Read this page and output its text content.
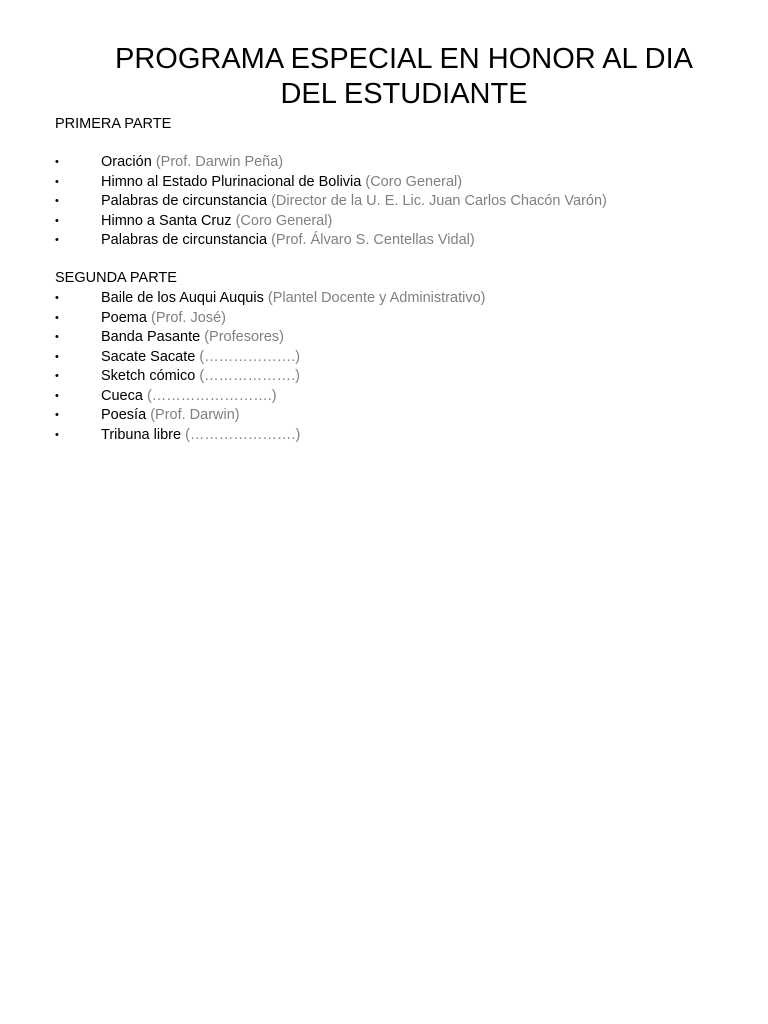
PROGRAMA ESPECIAL EN HONOR AL DIA
DEL ESTUDIANTE
PRIMERA PARTE
•	Oración (Prof. Darwin Peña)
•	Himno al Estado Plurinacional de Bolivia (Coro General)
•	Palabras de circunstancia (Director de la U. E. Lic. Juan Carlos Chacón Varón)
•	Himno a Santa Cruz (Coro General)
•	Palabras de circunstancia (Prof. Álvaro S. Centellas Vidal)
SEGUNDA PARTE
•	Baile de los Auqui Auquis (Plantel Docente y Administrativo)
•	Poema (Prof. José)
•	Banda Pasante (Profesores)
•	Sacate Sacate (……………….)
•	Sketch cómico (……………….)
•	Cueca (…………………….)
•	Poesía (Prof. Darwin)
•	Tribuna libre (………………….)
